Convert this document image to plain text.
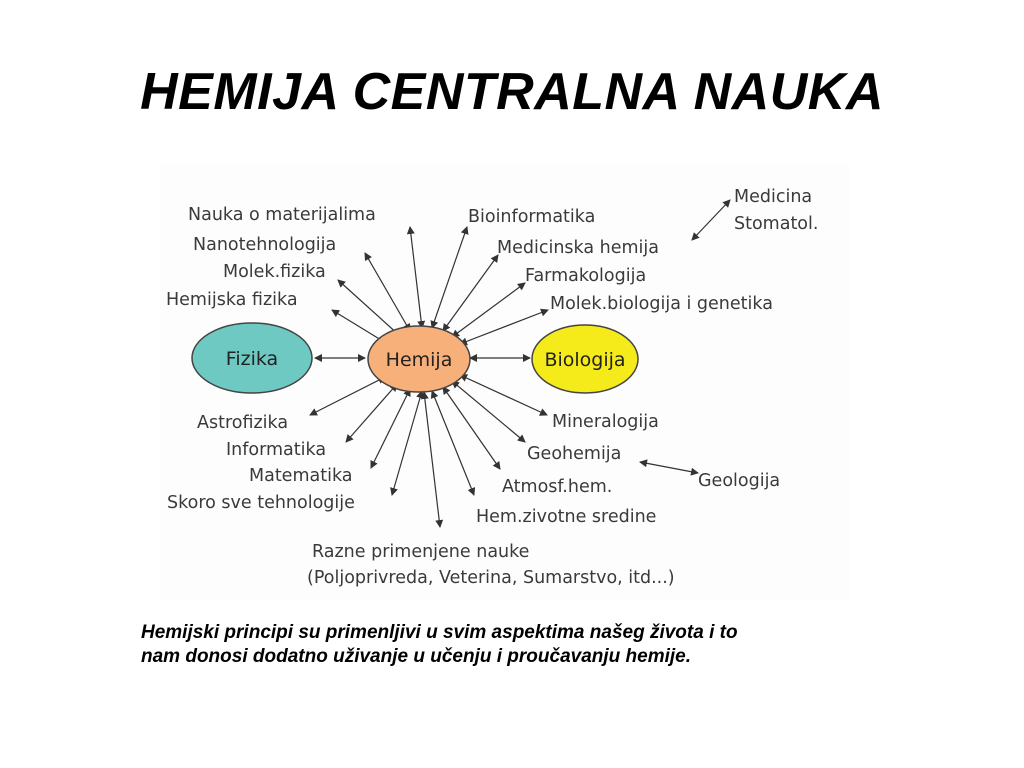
HEMIJA CENTRALNA NAUKA
Fizika	Hemija	Biologija
Nauka o materijalima
Nanotehnologija
Molek.fizika
Hemijska fizika
Bioinformatika
Medicinska hemija
Farmakologija
Molek.biologija i genetika
Medicina
Stomatol.
Astrofizika
Informatika
Matematika
Skoro sve tehnologije
Mineralogija
Geohemija
Geologija
Atmosf.hem.
Hem.zivotne sredine
Razne primenjene nauke
(Poljoprivreda, Veterina, Sumarstvo, itd...)
Hemijski principi su primenljivi u svim aspektima našeg života i to
nam donosi dodatno uživanje u učenju i proučavanju hemije.
